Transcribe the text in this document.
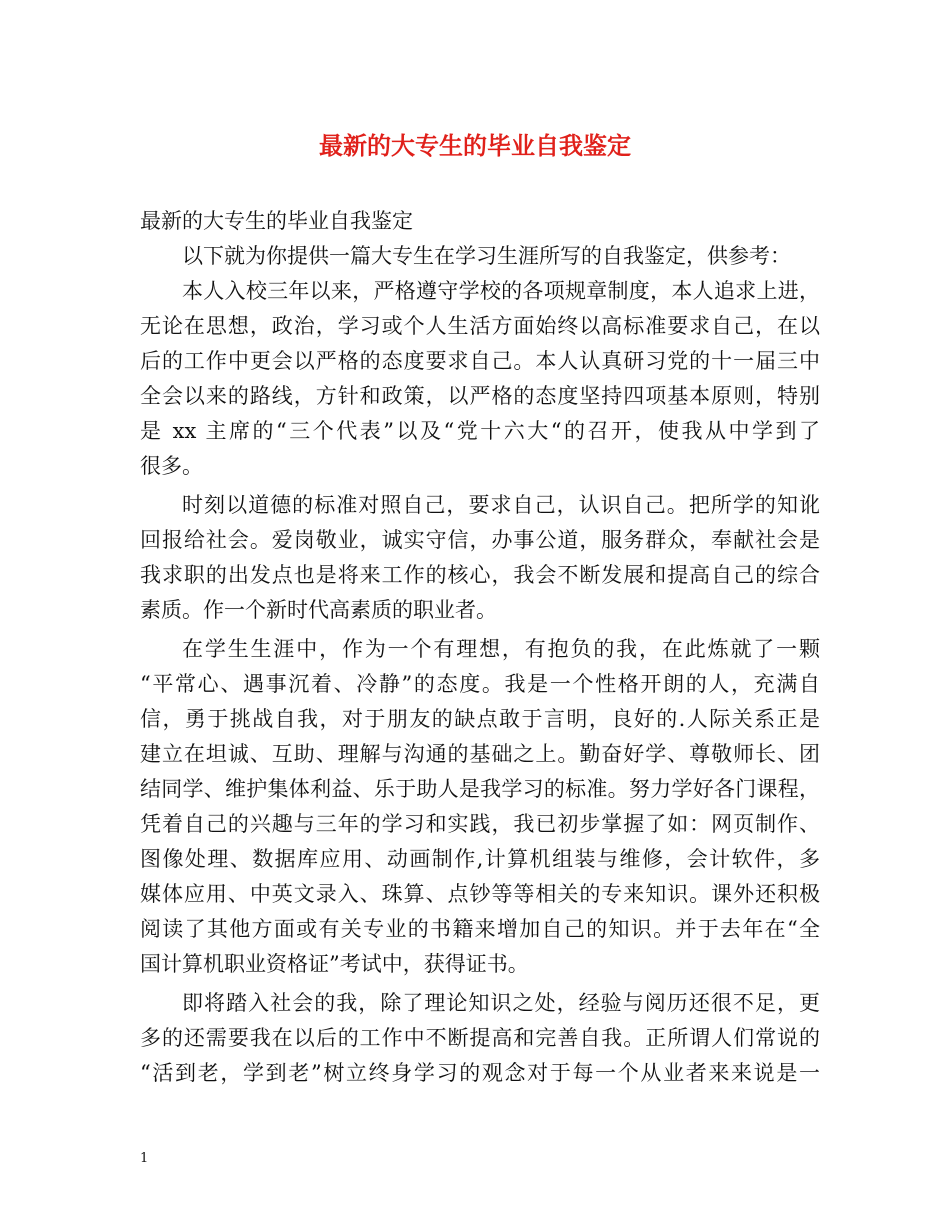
最新的大专生的毕业自我鉴定
最新的大专生的毕业自我鉴定
以下就为你提供一篇大专生在学习生涯所写的自我鉴定，供参考：
本人入校三年以来，严格遵守学校的各项规章制度，本人追求上进，
无论在思想，政治，学习或个人生活方面始终以高标准要求自己，在以
后的工作中更会以严格的态度要求自己。本人认真研习党的十一届三中
全会以来的路线，方针和政策，以严格的态度坚持四项基本原则，特别
是 xx 主席的“三个代表”以及“党十六大“的召开，使我从中学到了
很多。
时刻以道德的标准对照自己，要求自己，认识自己。把所学的知讹
回报给社会。爱岗敬业，诚实守信，办事公道，服务群众，奉献社会是
我求职的出发点也是将来工作的核心，我会不断发展和提高自己的综合
素质。作一个新时代高素质的职业者。
在学生生涯中，作为一个有理想，有抱负的我，在此炼就了一颗
“平常心、遇事沉着、冷静”的态度。我是一个性格开朗的人，充满自
信，勇于挑战自我，对于朋友的缺点敢于言明，良好的.人际关系正是
建立在坦诚、互助、理解与沟通的基础之上。勤奋好学、尊敬师长、团
结同学、维护集体利益、乐于助人是我学习的标准。努力学好各门课程，
凭着自己的兴趣与三年的学习和实践，我已初步掌握了如：网页制作、
图像处理、数据库应用、动画制作,计算机组装与维修，会计软件，多
媒体应用、中英文录入、珠算、点钞等等相关的专来知识。课外还积极
阅读了其他方面或有关专业的书籍来增加自己的知识。并于去年在“全
国计算机职业资格证”考试中，获得证书。
即将踏入社会的我，除了理论知识之处，经验与阅历还很不足，更
多的还需要我在以后的工作中不断提高和完善自我。正所谓人们常说的
“活到老，学到老”树立终身学习的观念对于每一个从业者来来说是一
1
